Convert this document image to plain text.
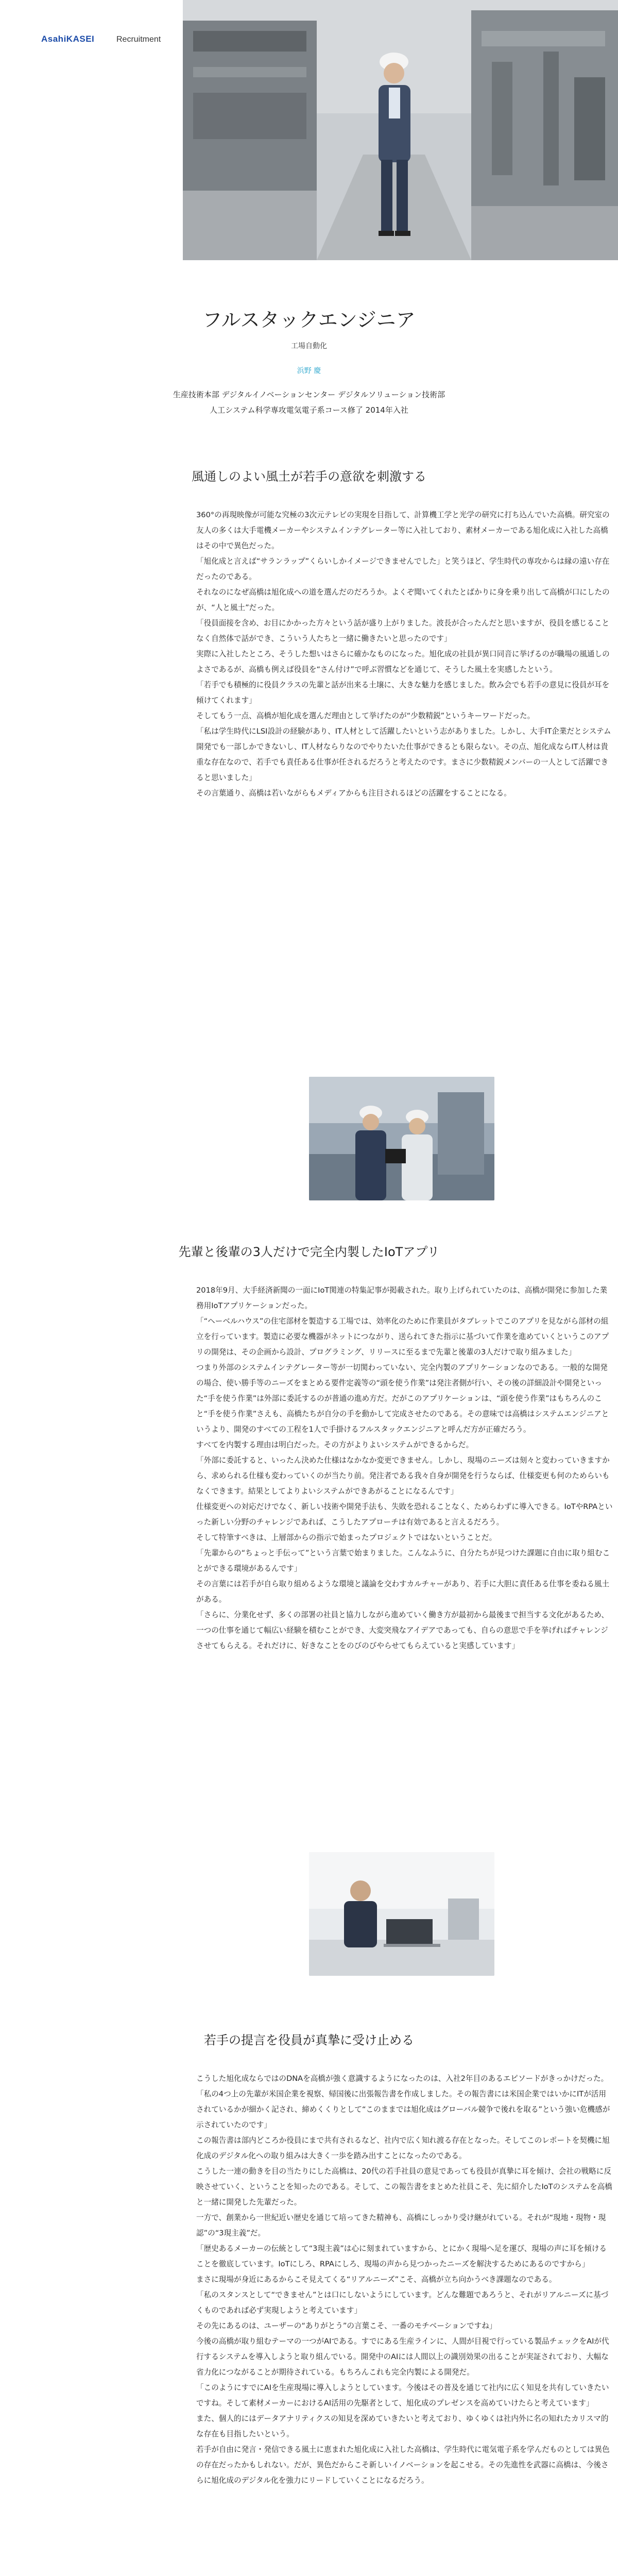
AsahiKASEI	Recruitment
フルスタックエンジニア
工場自動化
浜野 慶
生産技術本部 デジタルイノベーションセンター デジタルソリューション技術部
人工システム科学専攻電気電子系コース修了 2014年入社
風通しのよい風土が若手の意欲を刺激する

360°の再現映像が可能な究極の3次元テレビの実現を目指して、計算機工学と光学の研究に打ち込んでいた高橋。研究室の友人の多くは大手電機メーカーやシステムインテグレーター等に入社しており、素材メーカーである旭化成に入社した高橋はその中で異色だった。

「旭化成と言えば“サランラップ”くらいしかイメージできませんでした」と笑うほど、学生時代の専攻からは縁の遠い存在だったのである。

それなのになぜ高橋は旭化成への道を選んだのだろうか。よくぞ聞いてくれたとばかりに身を乗り出して高橋が口にしたのが、“人と風土”だった。

「役員面接を含め、お目にかかった方々という話が盛り上がりました。波長が合ったんだと思いますが、役員を感じることなく自然体で話ができ、こういう人たちと一緒に働きたいと思ったのです」

実際に入社したところ、そうした想いはさらに確かなものになった。旭化成の社員が異口同音に挙げるのが職場の風通しのよさであるが、高橋も例えば役員を“さん付け”で呼ぶ習慣などを通じて、そうした風土を実感したという。

「若手でも積極的に役員クラスの先輩と話が出来る土壌に、大きな魅力を感じました。飲み会でも若手の意見に役員が耳を傾けてくれます」

そしてもう一点、高橋が旭化成を選んだ理由として挙げたのが“少数精鋭”というキーワードだった。

「私は学生時代にLSI設計の経験があり、IT人材として活躍したいという志がありました。しかし、大手IT企業だとシステム開発でも一部しかできないし、IT人材ならりなのでやりたいた仕事ができるとも限らない。その点、旭化成ならIT人材は貴重な存在なので、若手でも責任ある仕事が任されるだろうと考えたのです。まさに少数精鋭メンバーの一人として活躍できると思いました」

その言葉通り、高橋は若いながらもメディアからも注目されるほどの活躍をすることになる。

先輩と後輩の3人だけで完全内製したIoTアプリ

2018年9月、大手経済新聞の一面にIoT関連の特集記事が掲載された。取り上げられていたのは、高橋が開発に参加した業務用IoTアプリケーションだった。

「“ヘーベルハウス”の住宅部材を製造する工場では、効率化のために作業員がタブレットでこのアプリを見ながら部材の組立を行っています。製造に必要な機器がネットにつながり、送られてきた指示に基づいて作業を進めていくというこのアプリの開発は、その企画から設計、プログラミング、リリースに至るまで先輩と後輩の3人だけで取り組みました」

つまり外部のシステムインテグレーター等が一切関わっていない、完全内製のアプリケーションなのである。一般的な開発の場合、使い勝手等のニーズをまとめる要件定義等の“頭を使う作業”は発注者側が行い、その後の詳細設計や開発といった“手を使う作業”は外部に委託するのが普通の進め方だ。だがこのアプリケーションは、“頭を使う作業”はもちろんのこと“手を使う作業”さえも、高橋たちが自分の手を動かして完成させたのである。その意味では高橋はシステムエンジニアというより、開発のすべての工程を1人で手掛けるフルスタックエンジニアと呼んだ方が正確だろう。

すべてを内製する理由は明白だった。その方がよりよいシステムができるからだ。

「外部に委託すると、いったん決めた仕様はなかなか変更できません。しかし、現場のニーズは刻々と変わっていきますから、求められる仕様も変わっていくのが当たり前。発注者である我々自身が開発を行うならば、仕様変更も何のためらいもなくできます。結果としてよりよいシステムができあがることになるんです」

仕様変更への対応だけでなく、新しい技術や開発手法も、失敗を恐れることなく、ためらわずに導入できる。IoTやRPAといった新しい分野のチャレンジであれば、こうしたアプローチは有効であると言えるだろう。

そして特筆すべきは、上層部からの指示で始まったプロジェクトではないということだ。

「先輩からの“ちょっと手伝って”という言葉で始まりました。こんなふうに、自分たちが見つけた課題に自由に取り組むことができる環境があるんです」

その言葉には若手が自ら取り組めるような環境と議論を交わすカルチャーがあり、若手に大胆に責任ある仕事を委ねる風土がある。

「さらに、分業化せず、多くの部署の社員と協力しながら進めていく働き方が最初から最後まで担当する文化があるため、一つの仕事を通じて幅広い経験を積むことができ、大変突飛なアイデアであっても、自らの意思で手を挙げればチャレンジさせてもらえる。それだけに、好きなことをのびのびやらせてもらえていると実感しています」

若手の提言を役員が真摯に受け止める

こうした旭化成ならではのDNAを高橋が強く意識するようになったのは、入社2年目のあるエピソードがきっかけだった。

「私の4つ上の先輩が米国企業を視察、帰国後に出張報告書を作成しました。その報告書には米国企業ではいかにITが活用されているかが細かく記され、締めくくりとして“このままでは旭化成はグローバル競争で後れを取る”という強い危機感が示されていたのです」

この報告書は部内どころか役員にまで共有されるなど、社内で広く知れ渡る存在となった。そしてこのレポートを契機に旭化成のデジタル化への取り組みは大きく一歩を踏み出すことになったのである。

こうした一連の動きを目の当たりにした高橋は、20代の若手社員の意見であっても役員が真摯に耳を傾け、会社の戦略に反映させていく、ということを知ったのである。そして、この報告書をまとめた社員こそ、先に紹介したIoTのシステムを高橋と一緒に開発した先輩だった。

一方で、創業から一世紀近い歴史を通じて培ってきた精神も、高橋にしっかり受け継がれている。それが“現地・現物・現認”の“3現主義”だ。

「歴史あるメーカーの伝統として“3現主義”は心に刻まれていますから、とにかく現場へ足を運び、現場の声に耳を傾けることを徹底しています。IoTにしろ、RPAにしろ、現場の声から見つかったニーズを解決するためにあるのですから」

まさに現場が身近にあるからこそ見えてくる“リアルニーズ”こそ、高橋が立ち向かうべき課題なのである。

「私のスタンスとして“できません”とは口にしないようにしています。どんな難題であろうと、それがリアルニーズに基づくものであれば必ず実現しようと考えています」

その先にあるのは、ユーザーの“ありがとう”の言葉こそ、一番のモチベーションですね」

今後の高橋が取り組むテーマの一つがAIである。すでにある生産ラインに、人間が目視で行っている製品チェックをAIが代行するシステムを導入しようと取り組んでいる。開発中のAIには人間以上の識別効果の出ることが実証されており、大幅な省力化につながることが期待されている。もちろんこれも完全内製による開発だ。

「このようにすでにAIを生産現場に導入しようとしています。今後はその普及を通じて社内に広く知見を共有していきたいですね。そして素材メーカーにおけるAI活用の先駆者として、旭化成のプレゼンスを高めていけたらと考えています」

また、個人的にはデータアナリティクスの知見を深めていきたいと考えており、ゆくゆくは社内外に名の知れたカリスマ的な存在も目指したいという。

若手が自由に発言・発信できる風土に恵まれた旭化成に入社した高橋は、学生時代に電気電子系を学んだものとしては異色の存在だったかもしれない。だが、異色だからこそ新しいイノベーションを起こせる。その先進性を武器に高橋は、今後さらに旭化成のデジタル化を強力にリードしていくことになるだろう。
